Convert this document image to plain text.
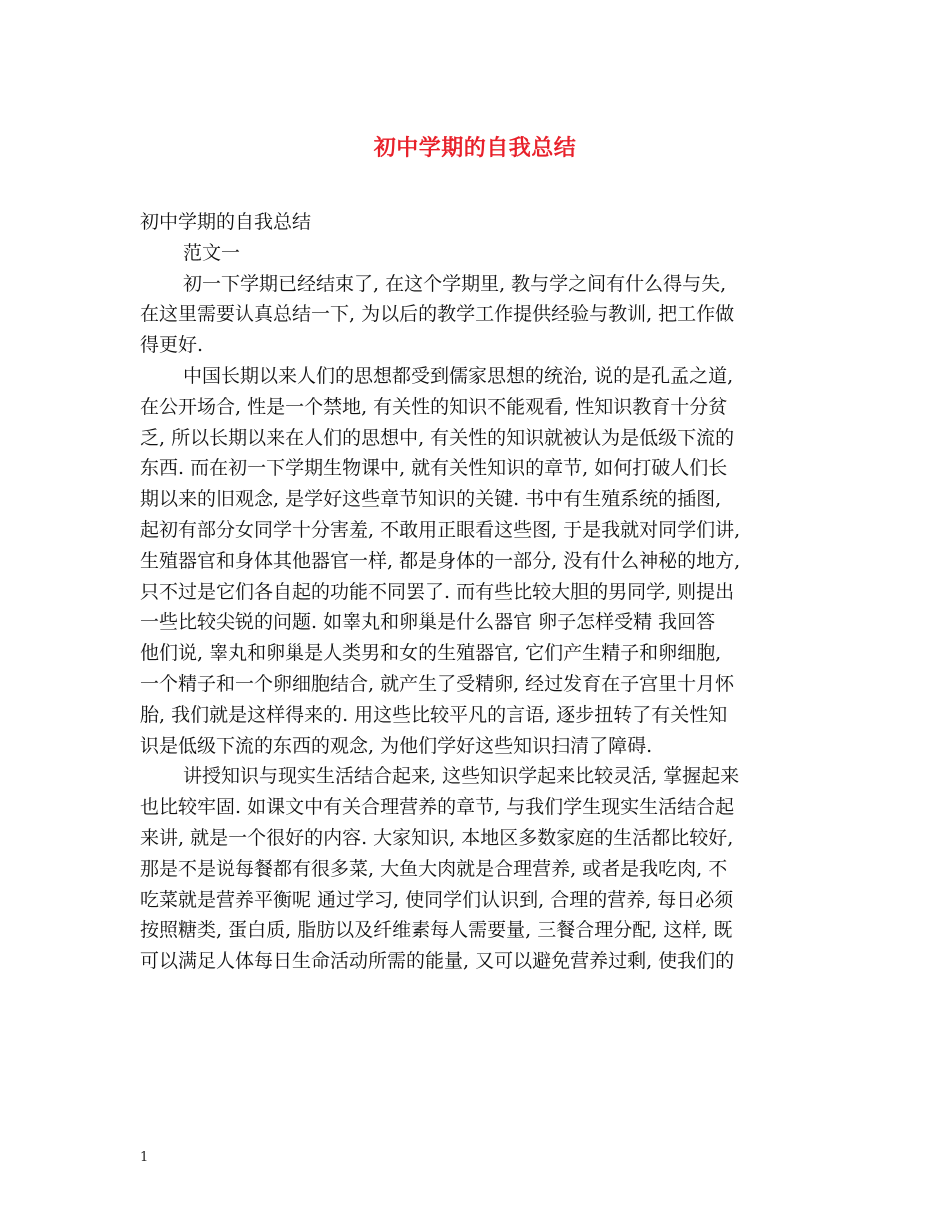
初中学期的自我总结

初中学期的自我总结

范文一

初一下学期已经结束了, 在这个学期里, 教与学之间有什么得与失,
在这里需要认真总结一下, 为以后的教学工作提供经验与教训, 把工作做
得更好.

中国长期以来人们的思想都受到儒家思想的统治, 说的是孔孟之道,
在公开场合, 性是一个禁地, 有关性的知识不能观看, 性知识教育十分贫
乏, 所以长期以来在人们的思想中, 有关性的知识就被认为是低级下流的
东西. 而在初一下学期生物课中, 就有关性知识的章节, 如何打破人们长
期以来的旧观念, 是学好这些章节知识的关键. 书中有生殖系统的插图,
起初有部分女同学十分害羞, 不敢用正眼看这些图, 于是我就对同学们讲,
生殖器官和身体其他器官一样, 都是身体的一部分, 没有什么神秘的地方,
只不过是它们各自起的功能不同罢了. 而有些比较大胆的男同学, 则提出
一些比较尖锐的问题. 如睾丸和卵巢是什么器官 卵子怎样受精 我回答
他们说, 睾丸和卵巢是人类男和女的生殖器官, 它们产生精子和卵细胞,
一个精子和一个卵细胞结合, 就产生了受精卵, 经过发育在子宫里十月怀
胎, 我们就是这样得来的. 用这些比较平凡的言语, 逐步扭转了有关性知
识是低级下流的东西的观念, 为他们学好这些知识扫清了障碍.

讲授知识与现实生活结合起来, 这些知识学起来比较灵活, 掌握起来
也比较牢固. 如课文中有关合理营养的章节, 与我们学生现实生活结合起
来讲, 就是一个很好的内容. 大家知识, 本地区多数家庭的生活都比较好,
那是不是说每餐都有很多菜, 大鱼大肉就是合理营养, 或者是我吃肉, 不
吃菜就是营养平衡呢 通过学习, 使同学们认识到, 合理的营养, 每日必须
按照糖类, 蛋白质, 脂肪以及纤维素每人需要量, 三餐合理分配, 这样, 既
可以满足人体每日生命活动所需的能量, 又可以避免营养过剩, 使我们的

1
